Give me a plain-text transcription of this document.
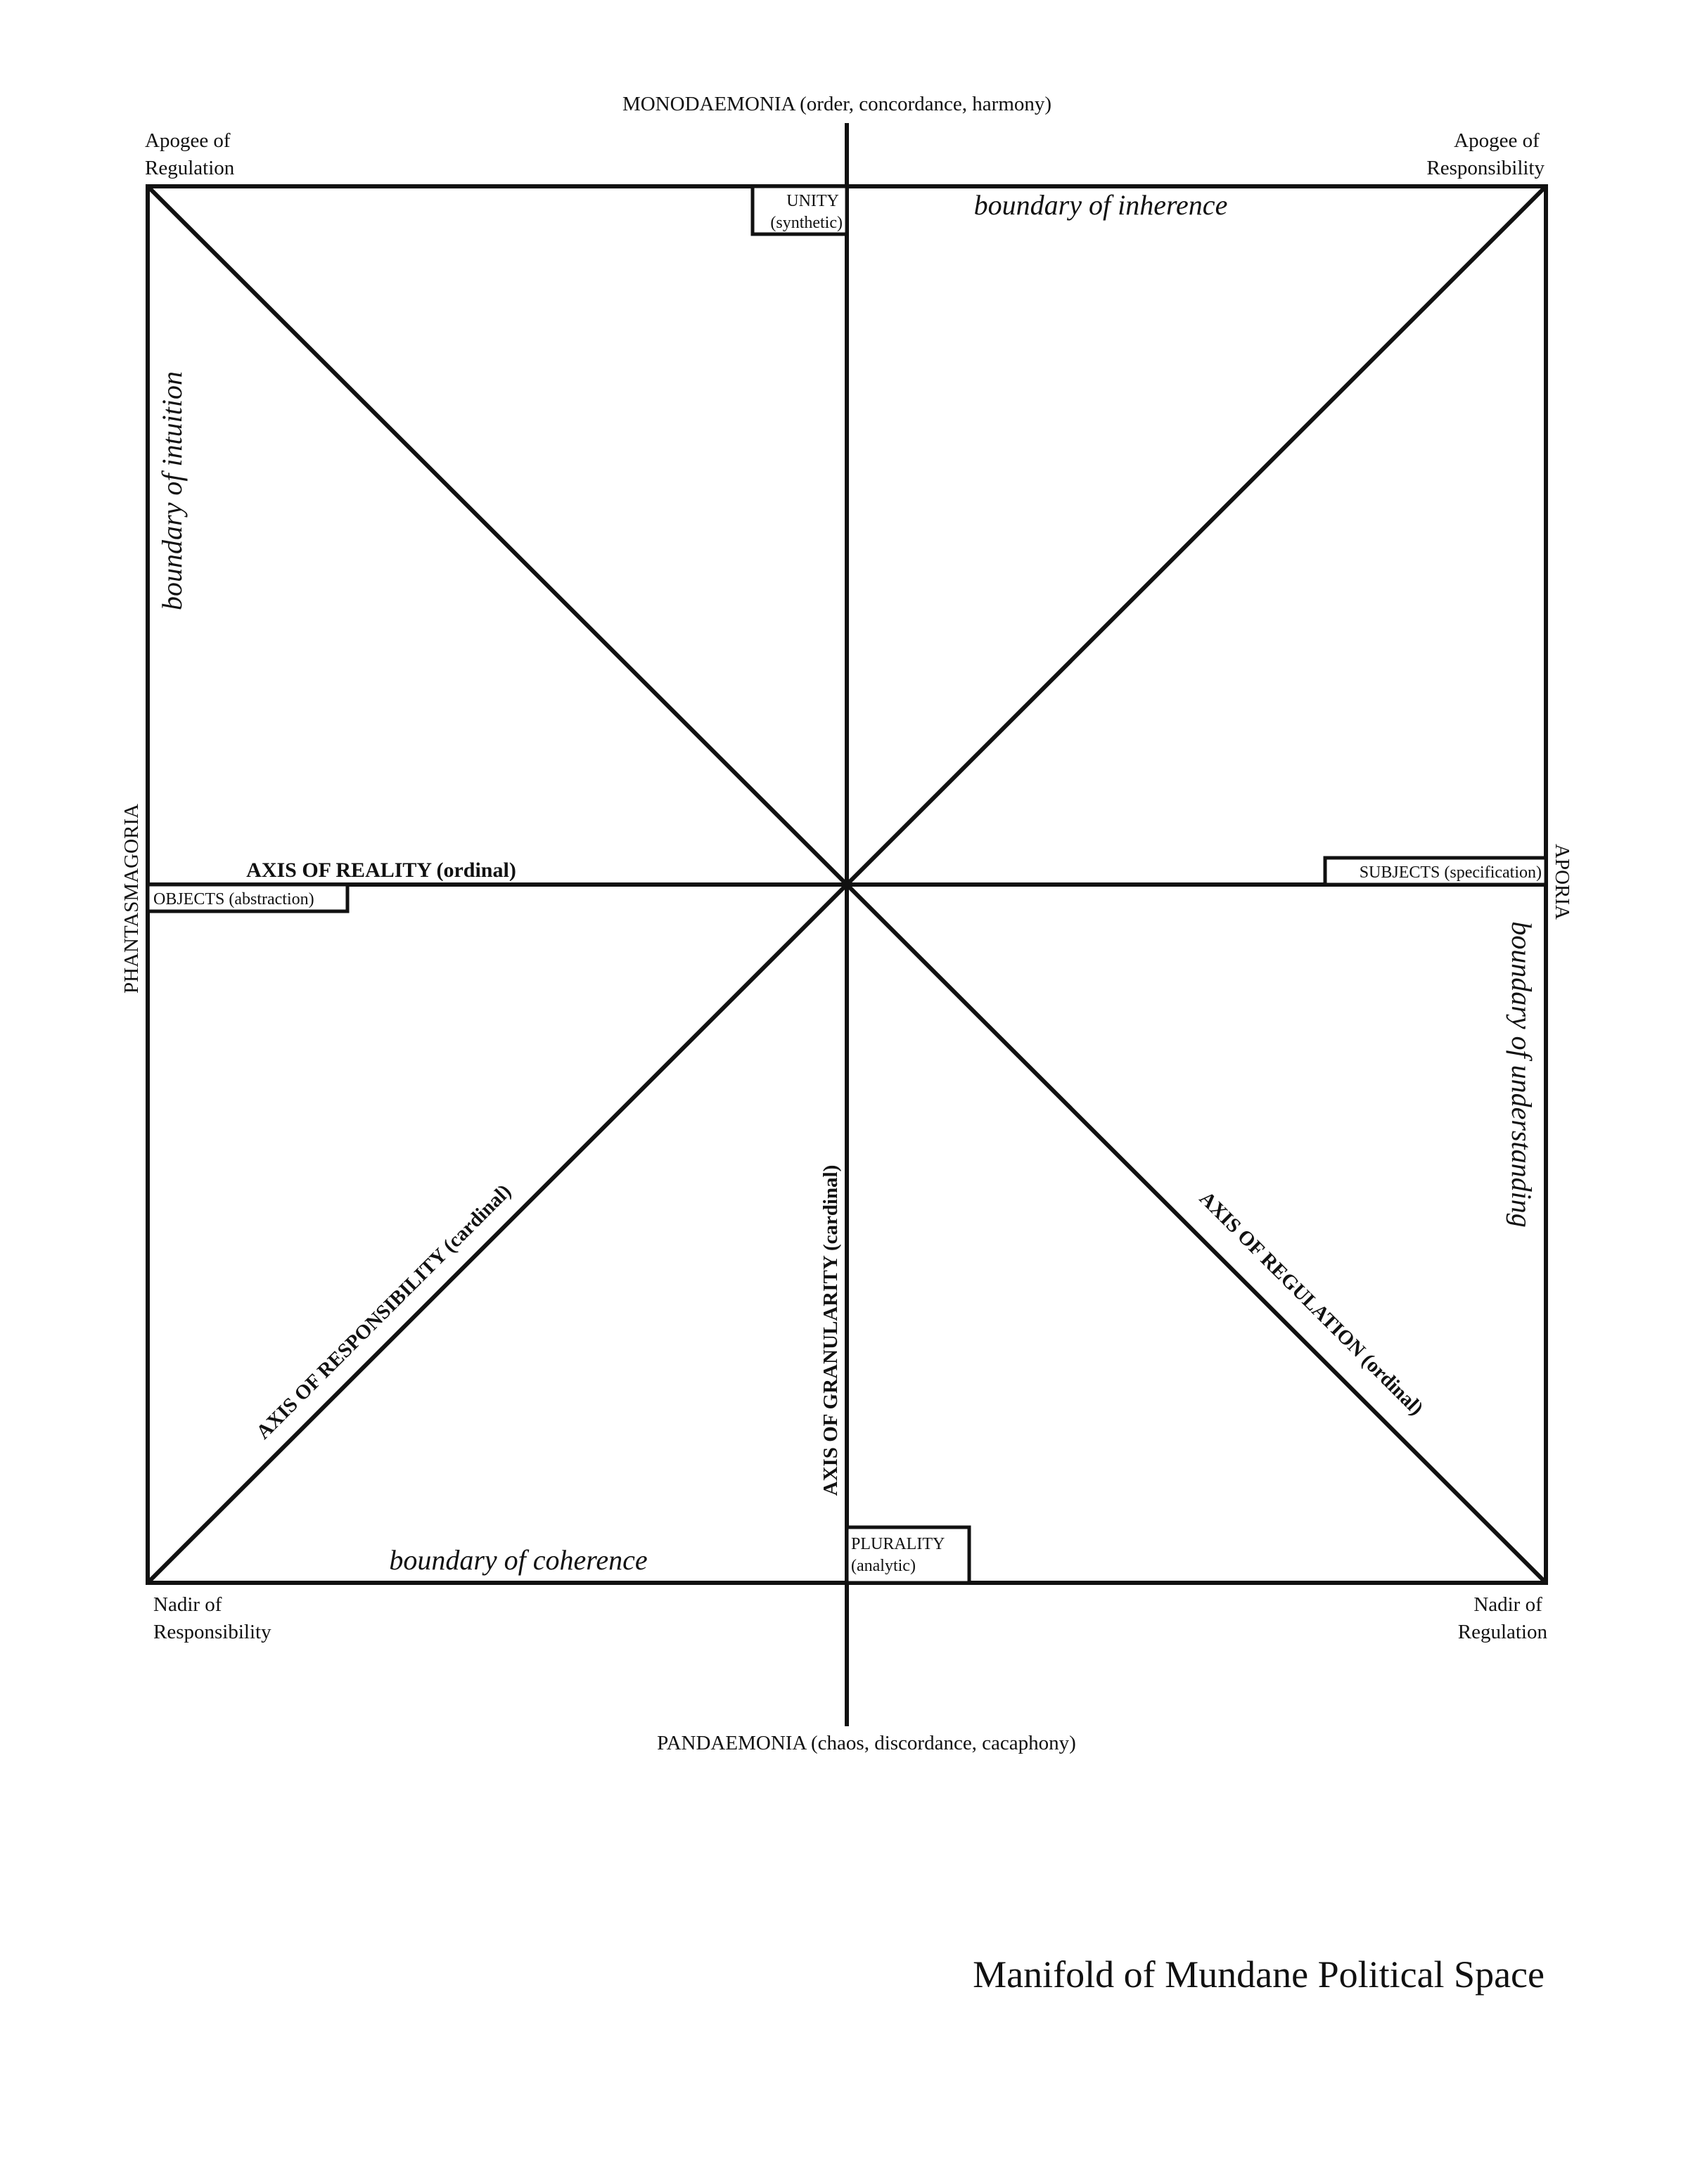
MONODAEMONIA (order, concordance, harmony)
PANDAEMONIA (chaos, discordance, cacaphony)
PHANTASMAGORIA	APORIA
Apogee of Regulation
Apogee of Responsibility
Nadir of Responsibility
Nadir of Regulation
UNITY (synthetic)
PLURALITY (analytic)
OBJECTS (abstraction)
SUBJECTS (specification)
boundary of inherence
boundary of coherence
boundary of intuition
boundary of understanding
AXIS OF REALITY (ordinal)
AXIS OF GRANULARITY (cardinal)
AXIS OF RESPONSIBILITY (cardinal)	AXIS OF REGULATION (ordinal)
Manifold of Mundane Political Space
